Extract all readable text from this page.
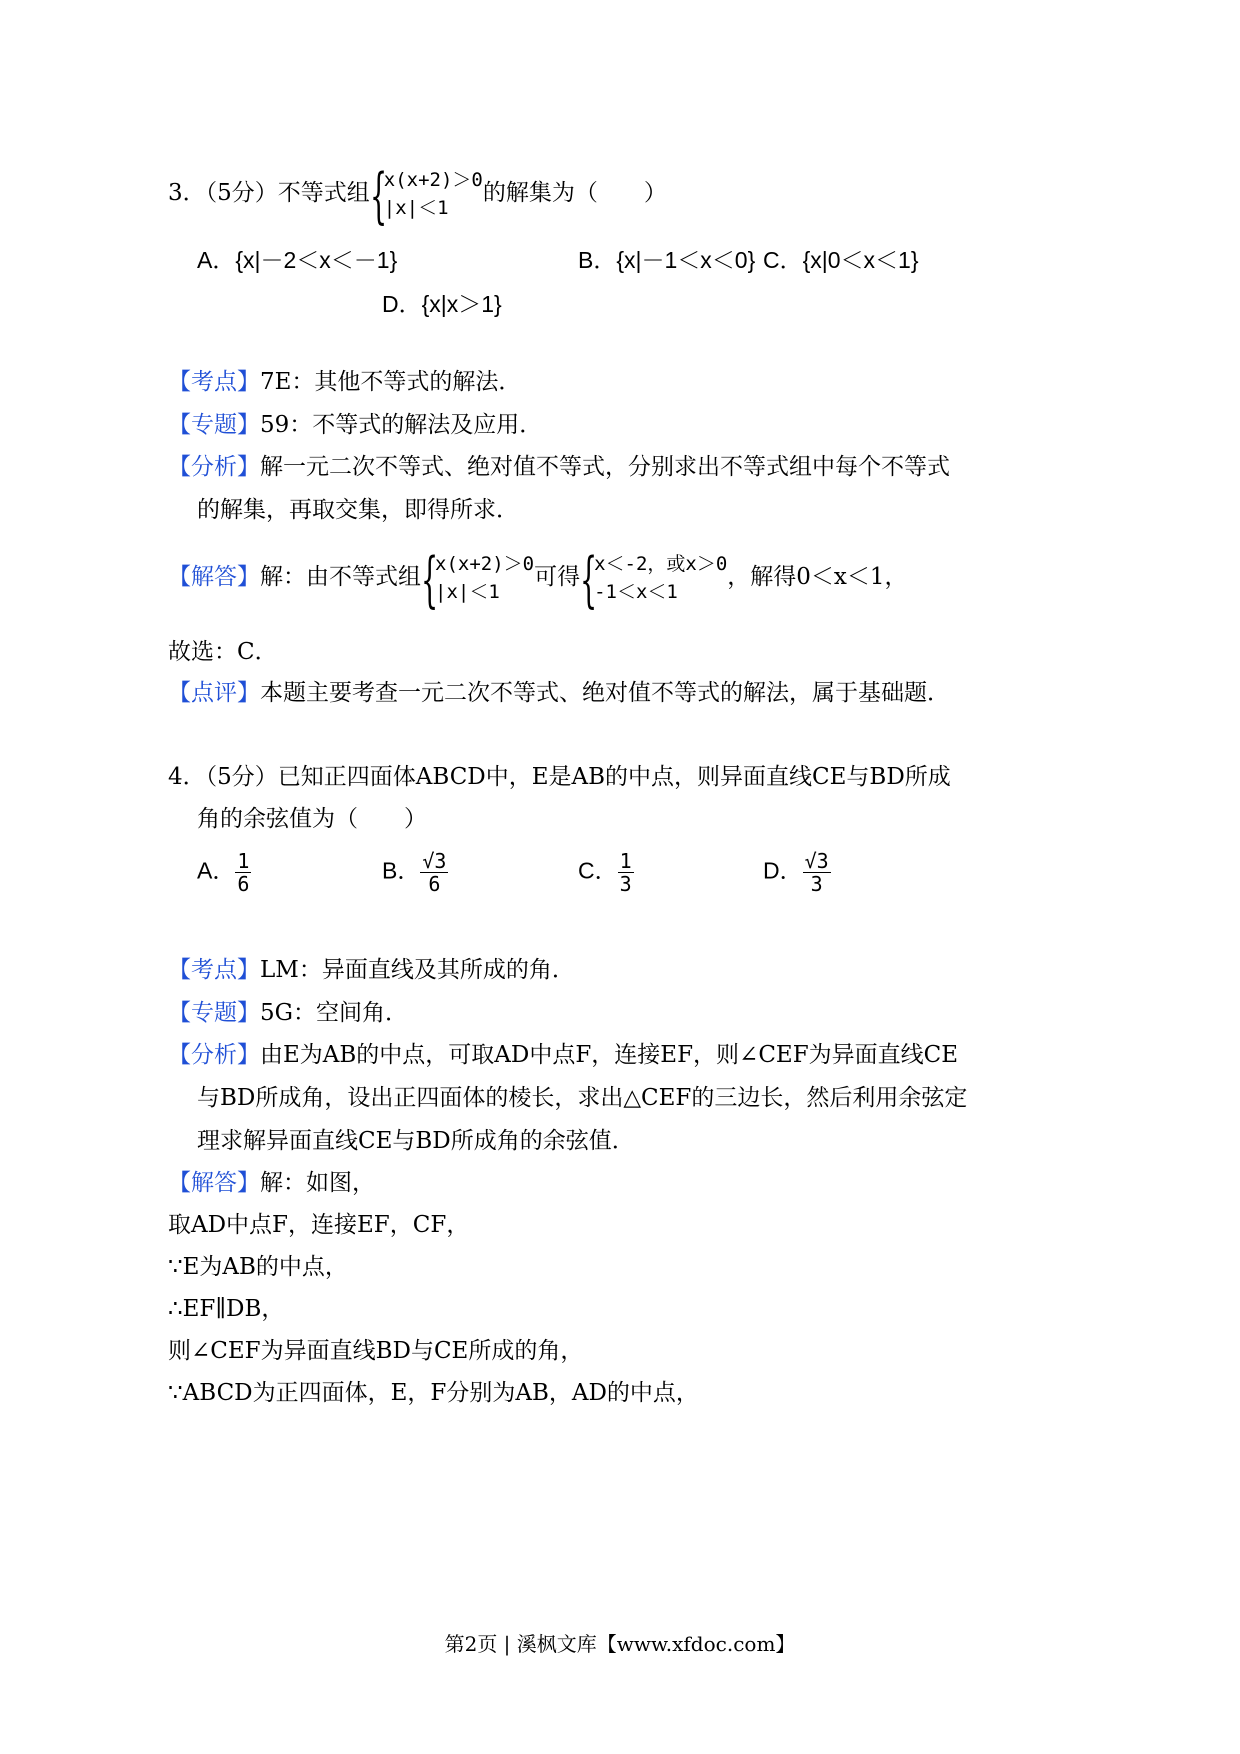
3．（5分）不等式组 {
x(x+2)＞0
|x|＜1
的解集为（　　）
A．{x|－2＜x＜－1}	B．{x|－1＜x＜0} C．{x|0＜x＜1}
D．{x|x＞1}
【考点】7E：其他不等式的解法．
【专题】59：不等式的解法及应用．
【分析】解一元二次不等式、绝对值不等式，分别求出不等式组中每个不等式
的解集，再取交集，即得所求．
【解答】解：由不等式组 {
x(x+2)＞0
|x|＜1
可得 {
x＜-2，或x＞0
-1＜x＜1
，解得0＜x＜1，
故选：C．
【点评】本题主要考查一元二次不等式、绝对值不等式的解法，属于基础题．
4．（5分）已知正四面体ABCD中，E是AB的中点，则异面直线CE与BD所成
角的余弦值为（　　）
A． $\frac{1}{6}$	B． $\frac{√3}{6}$	C． $\frac{1}{3}$	D． $\frac{√3}{3}$
【考点】LM：异面直线及其所成的角．
【专题】5G：空间角．
【分析】由E为AB的中点，可取AD中点F，连接EF，则∠CEF为异面直线CE
与BD所成角，设出正四面体的棱长，求出△CEF的三边长，然后利用余弦定
理求解异面直线CE与BD所成角的余弦值．
【解答】解：如图，
取AD中点F，连接EF，CF，
∵E为AB的中点，
∴EF∥DB，
则∠CEF为异面直线BD与CE所成的角，
∵ABCD为正四面体，E，F分别为AB，AD的中点，
第2页 | 溪枫文库【www.xfdoc.com】
